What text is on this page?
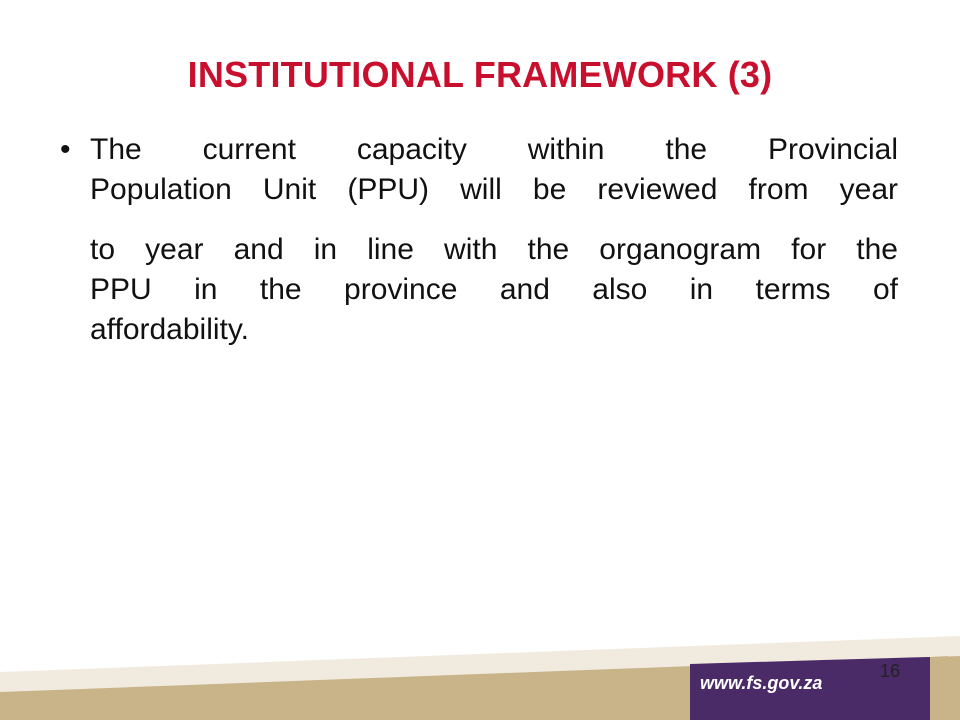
INSTITUTIONAL FRAMEWORK (3)
• The current capacity within the Provincial
Population Unit (PPU) will be reviewed from year
to year and in line with the organogram for the
PPU in the province and also in terms of
affordability.
16
www.fs.gov.za
